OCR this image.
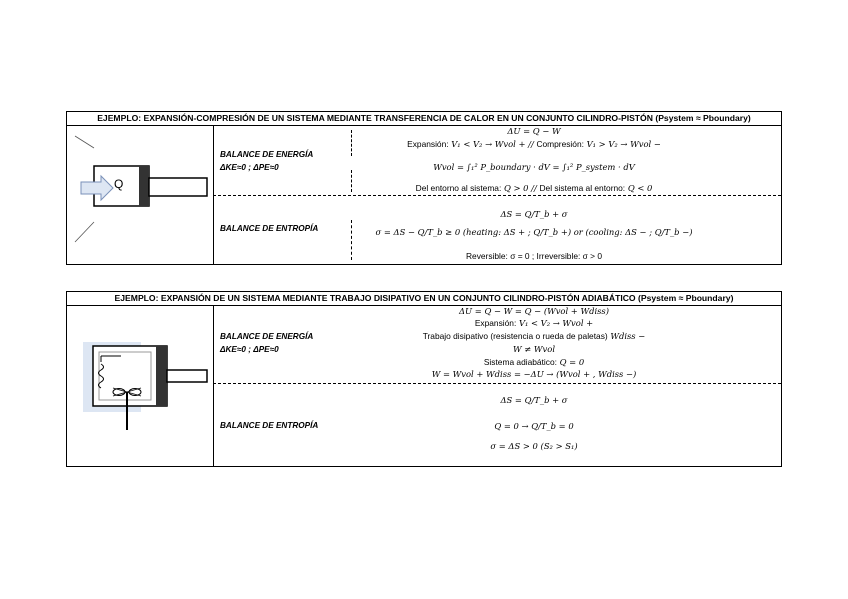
EJEMPLO: EXPANSIÓN-COMPRESIÓN DE UN SISTEMA MEDIANTE TRANSFERENCIA DE CALOR EN UN CONJUNTO CILINDRO-PISTÓN (Psystem ≈ Pboundary)
Q
BALANCE DE ENERGÍA
ΔKE≈0 ; ΔPE≈0
BALANCE DE ENTROPÍA
ΔU = Q − W
Expansión: V₁ < V₂ → Wvol + // Compresión: V₁ > V₂ → Wvol −
Wvol = ∫₁² P_boundary · dV = ∫₁² P_system · dV
Del entorno al sistema: Q > 0 // Del sistema al entorno: Q < 0
ΔS = Q/T_b + σ
σ = ΔS − Q/T_b ≥ 0 (heating: ΔS + ; Q/T_b +) or (cooling: ΔS − ; Q/T_b −)
Reversible: σ = 0 ; Irreversible: σ > 0
EJEMPLO: EXPANSIÓN DE UN SISTEMA MEDIANTE TRABAJO DISIPATIVO EN UN CONJUNTO CILINDRO-PISTÓN ADIABÁTICO (Psystem ≈ Pboundary)
BALANCE DE ENERGÍA
ΔKE≈0 ; ΔPE≈0
BALANCE DE ENTROPÍA
ΔU = Q − W = Q − (Wvol + Wdiss)
Expansión: V₁ < V₂ → Wvol +
Trabajo disipativo (resistencia o rueda de paletas) Wdiss −
W ≠ Wvol
Sistema adiabático: Q = 0
W = Wvol + Wdiss = −ΔU → (Wvol + , Wdiss −)
ΔS = Q/T_b + σ
Q = 0 → Q/T_b = 0
σ = ΔS > 0 (S₂ > S₁)
